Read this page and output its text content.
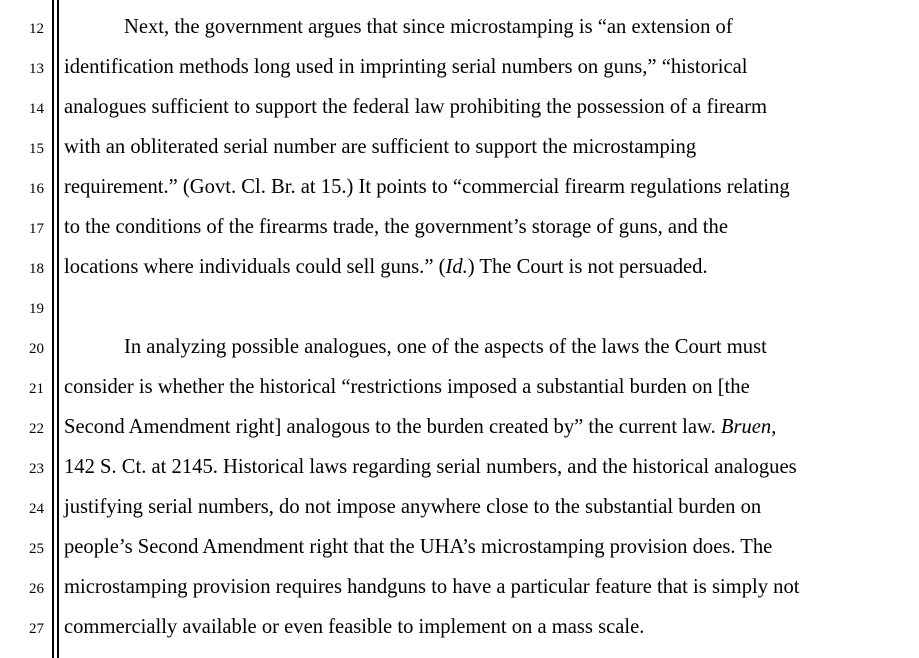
12
13
14
15
16
17
18
19
20
21
22
23
24
25
26
27
Next, the government argues that since microstamping is “an extension of
identification methods long used in imprinting serial numbers on guns,” “historical
analogues sufficient to support the federal law prohibiting the possession of a firearm
with an obliterated serial number are sufficient to support the microstamping
requirement.” (Govt. Cl. Br. at 15.) It points to “commercial firearm regulations relating
to the conditions of the firearms trade, the government’s storage of guns, and the
locations where individuals could sell guns.” (Id.) The Court is not persuaded.
In analyzing possible analogues, one of the aspects of the laws the Court must
consider is whether the historical “restrictions imposed a substantial burden on [the
Second Amendment right] analogous to the burden created by” the current law. Bruen,
142 S. Ct. at 2145. Historical laws regarding serial numbers, and the historical analogues
justifying serial numbers, do not impose anywhere close to the substantial burden on
people’s Second Amendment right that the UHA’s microstamping provision does. The
microstamping provision requires handguns to have a particular feature that is simply not
commercially available or even feasible to implement on a mass scale.
